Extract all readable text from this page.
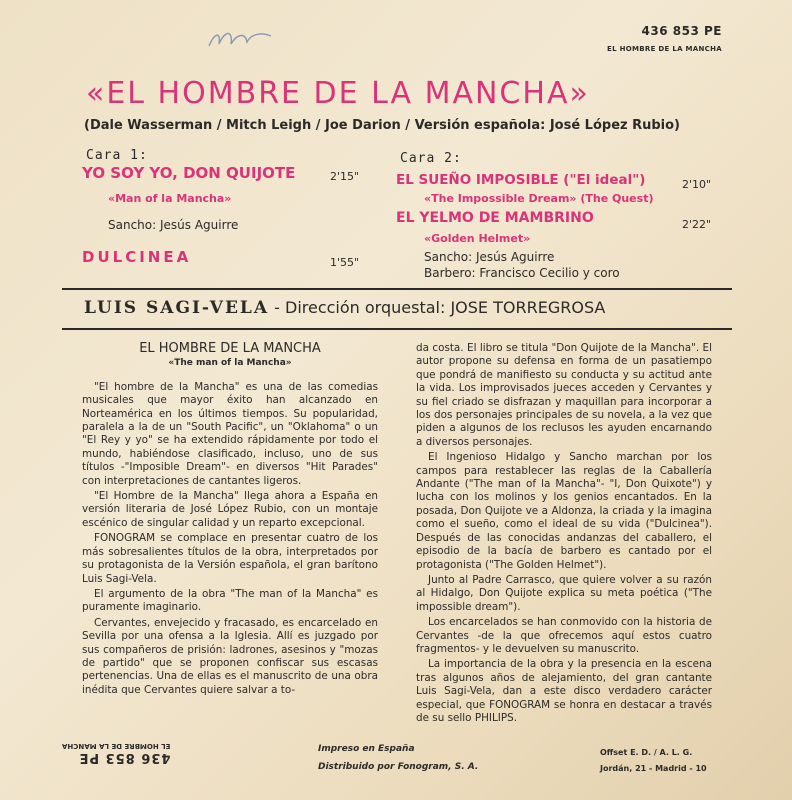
436 853 PE
EL HOMBRE DE LA MANCHA
«EL HOMBRE DE LA MANCHA»
(Dale Wasserman / Mitch Leigh / Joe Darion / Versión española: José López Rubio)
Cara 1:
YO SOY YO, DON QUIJOTE	2'15"
«Man of la Mancha»
Sancho: Jesús Aguirre
DULCINEA	1'55"
Cara 2:
EL SUEÑO IMPOSIBLE ("El ideal")	2'10"
«The Impossible Dream» (The Quest)
EL YELMO DE MAMBRINO	2'22"
«Golden Helmet»
Sancho: Jesús Aguirre
Barbero: Francisco Cecilio y coro
LUIS SAGI-VELA - Dirección orquestal: JOSE TORREGROSA
EL HOMBRE DE LA MANCHA
«The man of la Mancha»

"El hombre de la Mancha" es una de las comedias musicales que mayor éxito han alcanzado en Norteamérica en los últimos tiempos. Su popularidad, paralela a la de un "South Pacific", un "Oklahoma" o un "El Rey y yo" se ha extendido rápidamente por todo el mundo, habiéndose clasificado, incluso, uno de sus títulos -"Imposible Dream"- en diversos "Hit Parades" con interpretaciones de cantantes ligeros.

"El Hombre de la Mancha" llega ahora a España en versión literaria de José López Rubio, con un montaje escénico de singular calidad y un reparto excepcional.

FONOGRAM se complace en presentar cuatro de los más sobresalientes títulos de la obra, interpretados por su protagonista de la Versión española, el gran barítono Luis Sagi-Vela.

El argumento de la obra "The man of la Mancha" es puramente imaginario.

Cervantes, envejecido y fracasado, es encarcelado en Sevilla por una ofensa a la Iglesia. Allí es juzgado por sus compañeros de prisión: ladrones, asesinos y "mozas de partido" que se proponen confiscar sus escasas pertenencias. Una de ellas es el manuscrito de una obra inédita que Cervantes quiere salvar a to-

da costa. El libro se titula "Don Quijote de la Mancha". El autor propone su defensa en forma de un pasatiempo que pondrá de manifiesto su conducta y su actitud ante la vida. Los improvisados jueces acceden y Cervantes y su fiel criado se disfrazan y maquillan para incorporar a los dos personajes principales de su novela, a la vez que piden a algunos de los reclusos les ayuden encarnando a diversos personajes.

El Ingenioso Hidalgo y Sancho marchan por los campos para restablecer las reglas de la Caballería Andante ("The man of la Mancha"- "I, Don Quixote") y lucha con los molinos y los genios encantados. En la posada, Don Quijote ve a Aldonza, la criada y la imagina como el sueño, como el ideal de su vida ("Dulcinea"). Después de las conocidas andanzas del caballero, el episodio de la bacía de barbero es cantado por el protagonista ("The Golden Helmet").

Junto al Padre Carrasco, que quiere volver a su razón al Hidalgo, Don Quijote explica su meta poética ("The impossible dream").

Los encarcelados se han conmovido con la historia de Cervantes -de la que ofrecemos aquí estos cuatro fragmentos- y le devuelven su manuscrito.

La importancia de la obra y la presencia en la escena tras algunos años de alejamiento, del gran cantante Luis Sagi-Vela, dan a este disco verdadero carácter especial, que FONOGRAM se honra en destacar a través de su sello PHILIPS.

436 853 PE
EL HOMBRE DE LA MANCHA	Impreso en España
Distribuido por Fonogram, S. A.
Offset E. D. / A. L. G.
Jordán, 21 - Madrid - 10
